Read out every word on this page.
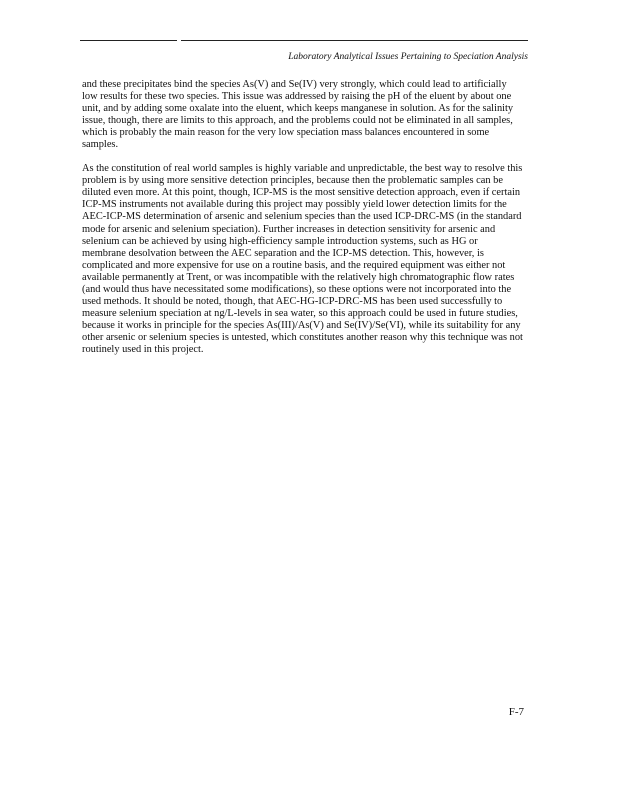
Laboratory Analytical Issues Pertaining to Speciation Analysis

and these precipitates bind the species As(V) and Se(IV) very strongly, which could lead to artificially low results for these two species. This issue was addressed by raising the pH of the eluent by about one unit, and by adding some oxalate into the eluent, which keeps manganese in solution. As for the salinity issue, though, there are limits to this approach, and the problems could not be eliminated in all samples, which is probably the main reason for the very low speciation mass balances encountered in some samples.

As the constitution of real world samples is highly variable and unpredictable, the best way to resolve this problem is by using more sensitive detection principles, because then the problematic samples can be diluted even more. At this point, though, ICP-MS is the most sensitive detection approach, even if certain ICP-MS instruments not available during this project may possibly yield lower detection limits for the AEC-ICP-MS determination of arsenic and selenium species than the used ICP-DRC-MS (in the standard mode for arsenic and selenium speciation). Further increases in detection sensitivity for arsenic and selenium can be achieved by using high-efficiency sample introduction systems, such as HG or membrane desolvation between the AEC separation and the ICP-MS detection. This, however, is complicated and more expensive for use on a routine basis, and the required equipment was either not available permanently at Trent, or was incompatible with the relatively high chromatographic flow rates (and would thus have necessitated some modifications), so these options were not incorporated into the used methods. It should be noted, though, that AEC-HG-ICP-DRC-MS has been used successfully to measure selenium speciation at ng/L-levels in sea water, so this approach could be used in future studies, because it works in principle for the species As(III)/As(V) and Se(IV)/Se(VI), while its suitability for any other arsenic or selenium species is untested, which constitutes another reason why this technique was not routinely used in this project.

F-7
